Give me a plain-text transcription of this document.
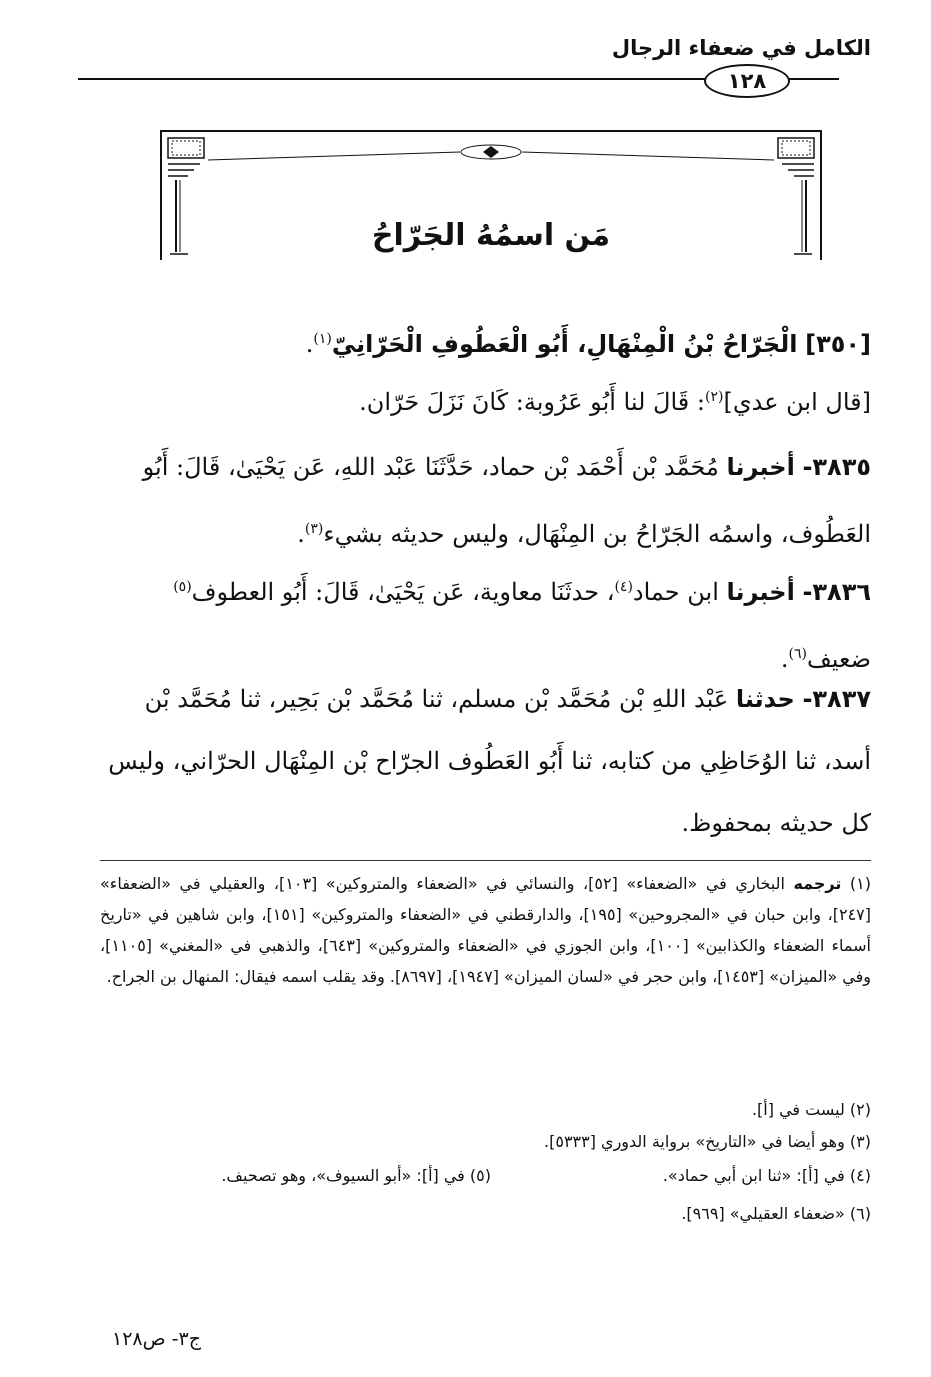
الكامل في ضعفاء الرجال
١٢٨
مَن اسمُهُ الجَرّاحُ
[٣٥٠] الْجَرّاحُ بْنُ الْمِنْهَالِ، أَبُو الْعَطُوفِ الْحَرّانِيّ$^{(١)}$.
[قال ابن عدي]$^{(٢)}$: قَالَ لنا أَبُو عَرُوبة: كَانَ نَزَلَ حَرّان.
٣٨٣٥- أخبرنا مُحَمَّد بْن أَحْمَد بْن حماد، حَدَّثَنَا عَبْد اللهِ، عَن يَحْيَىٰ، قَالَ: أَبُو العَطُوف، واسمُه الجَرّاحُ بن المِنْهَال، وليس حديثه بشيء$^{(٣)}$.
٣٨٣٦- أخبرنا ابن حماد$^{(٤)}$، حدثَنَا معاوية، عَن يَحْيَىٰ، قَالَ: أَبُو العطوف$^{(٥)}$ ضعيف$^{(٦)}$.
٣٨٣٧- حدثنا عَبْد اللهِ بْن مُحَمَّد بْن مسلم، ثنا مُحَمَّد بْن بَحِير، ثنا مُحَمَّد بْن أسد، ثنا الوُحَاظِي من كتابه، ثنا أَبُو العَطُوف الجرّاح بْن المِنْهَال الحرّاني، وليس كل حديثه بمحفوظ.
(١) ترجمه البخاري في «الضعفاء» [٥٢]، والنسائي في «الضعفاء والمتروكين» [١٠٣]، والعقيلي في «الضعفاء» [٢٤٧]، وابن حبان في «المجروحين» [١٩٥]، والدارقطني في «الضعفاء والمتروكين» [١٥١]، وابن شاهين في «تاريخ أسماء الضعفاء والكذابين» [١٠٠]، وابن الجوزي في «الضعفاء والمتروكين» [٦٤٣]، والذهبي في «المغني» [١١٠٥]، وفي «الميزان» [١٤٥٣]، وابن حجر في «لسان الميزان» [١٩٤٧]، [٨٦٩٧]. وقد يقلب اسمه فيقال: المنهال بن الجراح.
(٢) ليست في [أ].
(٣) وهو أيضا في «التاريخ» برواية الدوري [٥٣٣٣].
(٤) في [أ]: «ثنا ابن أبي حماد».
(٥) في [أ]: «أبو السيوف»، وهو تصحيف.
(٦) «ضعفاء العقيلي» [٩٦٩].
ج٣- ص١٢٨
